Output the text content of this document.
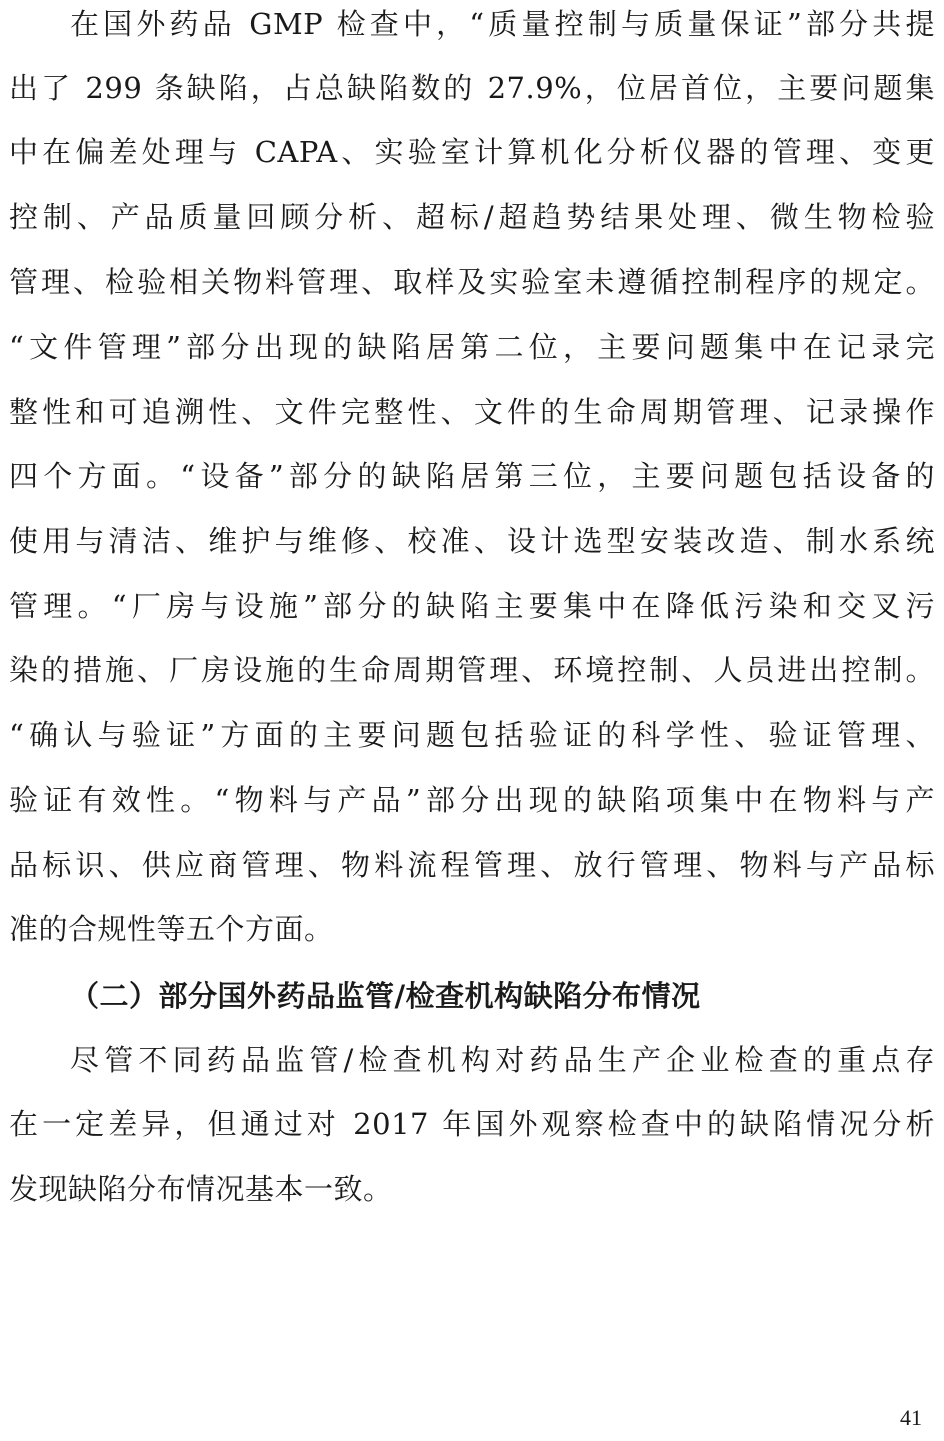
在国外药品 GMP 检查中，“质量控制与质量保证”部分共提
出了 299 条缺陷，占总缺陷数的 27.9%，位居首位，主要问题集
中在偏差处理与 CAPA、实验室计算机化分析仪器的管理、变更
控制、产品质量回顾分析、超标/超趋势结果处理、微生物检验
管理、检验相关物料管理、取样及实验室未遵循控制程序的规定。
“文件管理”部分出现的缺陷居第二位，主要问题集中在记录完
整性和可追溯性、文件完整性、文件的生命周期管理、记录操作
四个方面。“设备”部分的缺陷居第三位，主要问题包括设备的
使用与清洁、维护与维修、校准、设计选型安装改造、制水系统
管理。“厂房与设施”部分的缺陷主要集中在降低污染和交叉污
染的措施、厂房设施的生命周期管理、环境控制、人员进出控制。
“确认与验证”方面的主要问题包括验证的科学性、验证管理、
验证有效性。“物料与产品”部分出现的缺陷项集中在物料与产
品标识、供应商管理、物料流程管理、放行管理、物料与产品标
准的合规性等五个方面。
（二）部分国外药品监管/检查机构缺陷分布情况
尽管不同药品监管/检查机构对药品生产企业检查的重点存
在一定差异，但通过对 2017 年国外观察检查中的缺陷情况分析
发现缺陷分布情况基本一致。
41
